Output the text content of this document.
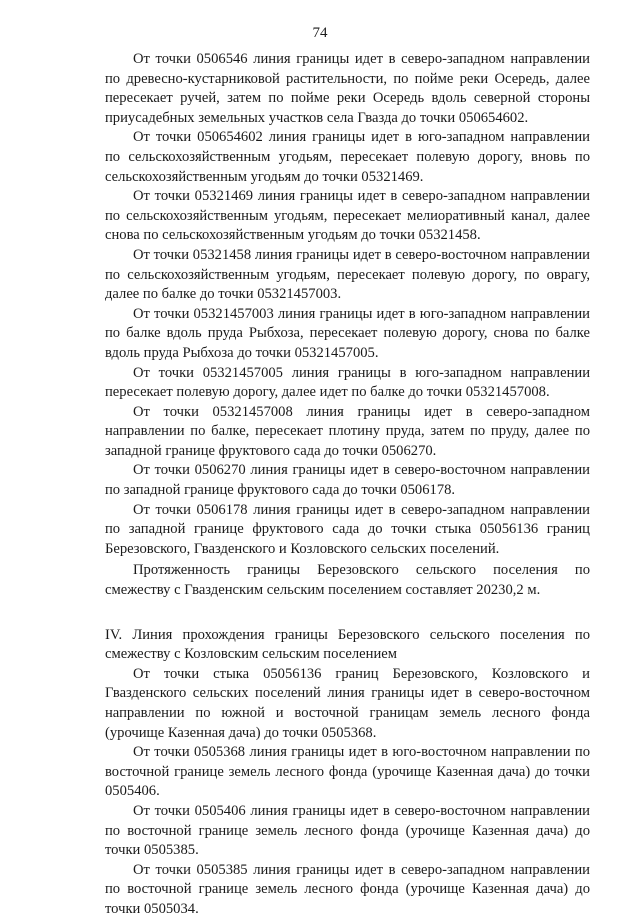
74

От точки 0506546 линия границы идет в северо-западном направлении по древесно-кустарниковой растительности, по пойме реки Осередь, далее пересекает ручей, затем по пойме реки Осередь вдоль северной стороны приусадебных земельных участков села Гвазда до точки 050654602.

От точки 050654602 линия границы идет в юго-западном направлении по сельскохозяйственным угодьям, пересекает полевую дорогу, вновь по сельскохозяйственным угодьям до точки 05321469.

От точки 05321469 линия границы идет в северо-западном направлении по сельскохозяйственным угодьям, пересекает мелиоративный канал, далее снова по сельскохозяйственным угодьям до точки 05321458.

От точки 05321458 линия границы идет в северо-восточном направлении по сельскохозяйственным угодьям, пересекает полевую дорогу, по оврагу, далее по балке до точки 05321457003.

От точки 05321457003 линия границы идет в юго-западном направлении по балке вдоль пруда Рыбхоза, пересекает полевую дорогу, снова по балке вдоль пруда Рыбхоза до точки 05321457005.

От точки 05321457005 линия границы в юго-западном направлении пересекает полевую дорогу, далее идет по балке до точки 05321457008.

От точки 05321457008 линия границы идет в северо-западном направлении по балке, пересекает плотину пруда, затем по пруду, далее по западной границе фруктового сада до точки 0506270.

От точки 0506270 линия границы идет в северо-восточном направлении по западной границе фруктового сада до точки 0506178.

От точки 0506178 линия границы идет в северо-западном направлении по западной границе фруктового сада до точки стыка 05056136 границ Березовского, Гвазденского и Козловского сельских поселений.

Протяженность границы Березовского сельского поселения по смежеству с Гвазденским сельским поселением составляет 20230,2 м.

IV. Линия прохождения границы Березовского сельского поселения по смежеству с Козловским сельским поселением

От точки стыка 05056136 границ Березовского, Козловского и Гвазденского сельских поселений линия границы идет в северо-восточном направлении по южной и восточной границам земель лесного фонда (урочище Казенная дача) до точки 0505368.

От точки 0505368 линия границы идет в юго-восточном направлении по восточной границе земель лесного фонда (урочище Казенная дача) до точки 0505406.

От точки 0505406 линия границы идет в северо-восточном направлении по восточной границе земель лесного фонда (урочище Казенная дача) до точки 0505385.

От точки 0505385 линия границы идет в северо-западном направлении по восточной границе земель лесного фонда (урочище Казенная дача) до точки 0505034.
